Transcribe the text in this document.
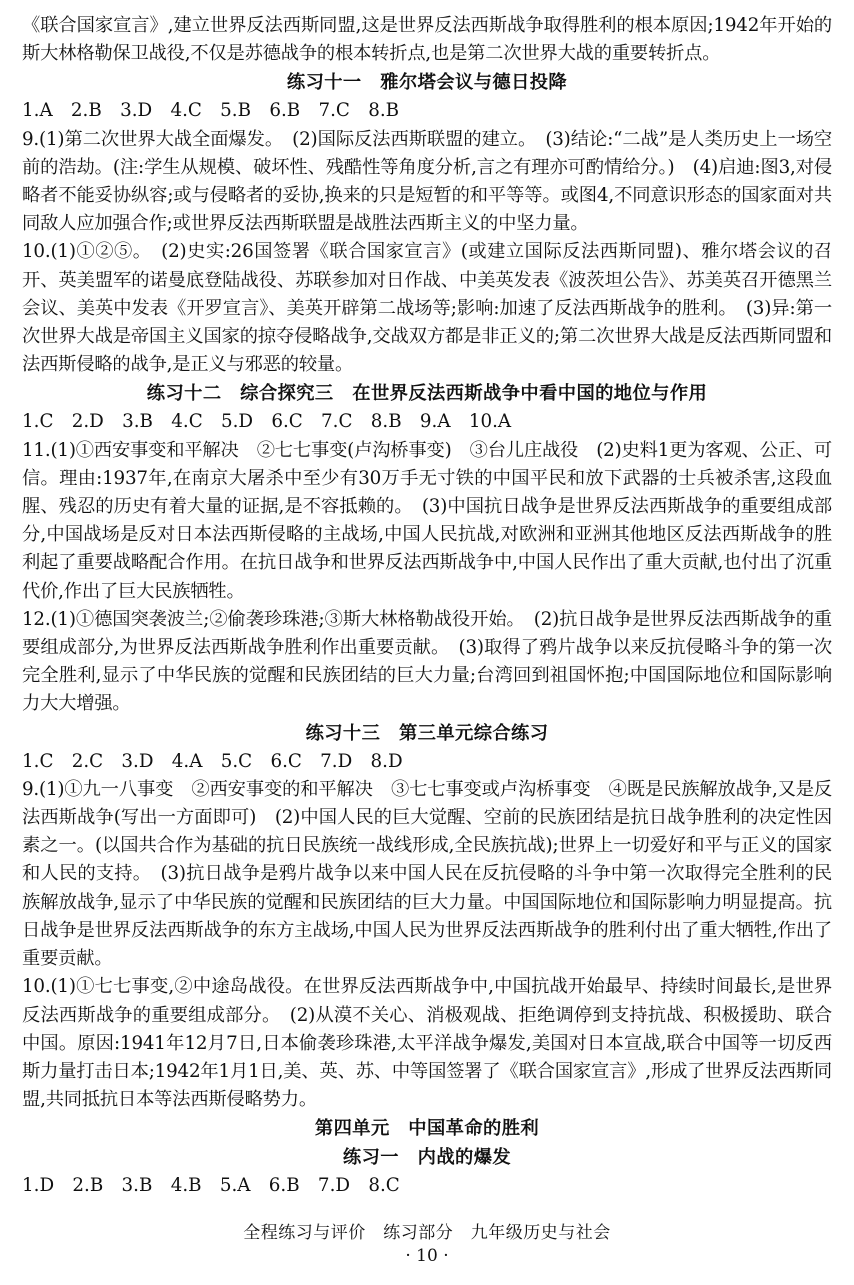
《联合国家宣言》,建立世界反法西斯同盟,这是世界反法西斯战争取得胜利的根本原因;1942年开始的斯大林格勒保卫战役,不仅是苏德战争的根本转折点,也是第二次世界大战的重要转折点。

练习十一　雅尔塔会议与德日投降

1.A　2.B　3.D　4.C　5.B　6.B　7.C　8.B

9.(1)第二次世界大战全面爆发。　(2)国际反法西斯联盟的建立。　(3)结论:“二战”是人类历史上一场空前的浩劫。(注:学生从规模、破坏性、残酷性等角度分析,言之有理亦可酌情给分。)　(4)启迪:图3,对侵略者不能妥协纵容;或与侵略者的妥协,换来的只是短暂的和平等等。或图4,不同意识形态的国家面对共同敌人应加强合作;或世界反法西斯联盟是战胜法西斯主义的中坚力量。

10.(1)①②⑤。　(2)史实:26国签署《联合国家宣言》(或建立国际反法西斯同盟)、雅尔塔会议的召开、英美盟军的诺曼底登陆战役、苏联参加对日作战、中美英发表《波茨坦公告》、苏美英召开德黑兰会议、美英中发表《开罗宣言》、美英开辟第二战场等;影响:加速了反法西斯战争的胜利。　(3)异:第一次世界大战是帝国主义国家的掠夺侵略战争,交战双方都是非正义的;第二次世界大战是反法西斯同盟和法西斯侵略的战争,是正义与邪恶的较量。

练习十二　综合探究三　在世界反法西斯战争中看中国的地位与作用

1.C　2.D　3.B　4.C　5.D　6.C　7.C　8.B　9.A　10.A

11.(1)①西安事变和平解决　②七七事变(卢沟桥事变)　③台儿庄战役　(2)史料1更为客观、公正、可信。理由:1937年,在南京大屠杀中至少有30万手无寸铁的中国平民和放下武器的士兵被杀害,这段血腥、残忍的历史有着大量的证据,是不容抵赖的。　(3)中国抗日战争是世界反法西斯战争的重要组成部分,中国战场是反对日本法西斯侵略的主战场,中国人民抗战,对欧洲和亚洲其他地区反法西斯战争的胜利起了重要战略配合作用。在抗日战争和世界反法西斯战争中,中国人民作出了重大贡献,也付出了沉重代价,作出了巨大民族牺牲。

12.(1)①德国突袭波兰;②偷袭珍珠港;③斯大林格勒战役开始。　(2)抗日战争是世界反法西斯战争的重要组成部分,为世界反法西斯战争胜利作出重要贡献。　(3)取得了鸦片战争以来反抗侵略斗争的第一次完全胜利,显示了中华民族的觉醒和民族团结的巨大力量;台湾回到祖国怀抱;中国国际地位和国际影响力大大增强。

练习十三　第三单元综合练习

1.C　2.C　3.D　4.A　5.C　6.C　7.D　8.D

9.(1)①九一八事变　②西安事变的和平解决　③七七事变或卢沟桥事变　④既是民族解放战争,又是反法西斯战争(写出一方面即可)　(2)中国人民的巨大觉醒、空前的民族团结是抗日战争胜利的决定性因素之一。(以国共合作为基础的抗日民族统一战线形成,全民族抗战);世界上一切爱好和平与正义的国家和人民的支持。　(3)抗日战争是鸦片战争以来中国人民在反抗侵略的斗争中第一次取得完全胜利的民族解放战争,显示了中华民族的觉醒和民族团结的巨大力量。中国国际地位和国际影响力明显提高。抗日战争是世界反法西斯战争的东方主战场,中国人民为世界反法西斯战争的胜利付出了重大牺牲,作出了重要贡献。

10.(1)①七七事变,②中途岛战役。在世界反法西斯战争中,中国抗战开始最早、持续时间最长,是世界反法西斯战争的重要组成部分。　(2)从漠不关心、消极观战、拒绝调停到支持抗战、积极援助、联合中国。原因:1941年12月7日,日本偷袭珍珠港,太平洋战争爆发,美国对日本宣战,联合中国等一切反西斯力量打击日本;1942年1月1日,美、英、苏、中等国签署了《联合国家宣言》,形成了世界反法西斯同盟,共同抵抗日本等法西斯侵略势力。

第四单元　中国革命的胜利

练习一　内战的爆发

1.D　2.B　3.B　4.B　5.A　6.B　7.D　8.C

全程练习与评价　练习部分　九年级历史与社会
· 10 ·
